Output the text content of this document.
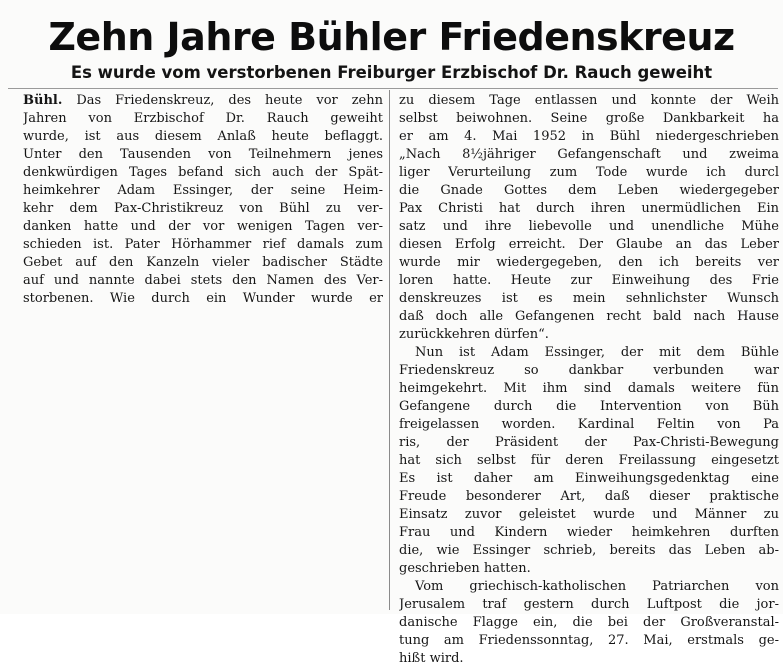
Zehn Jahre Bühler Friedenskreuz
Es wurde vom verstorbenen Freiburger Erzbischof Dr. Rauch geweiht
Bühl. Das Friedenskreuz, des heute vor zehn
Jahren von Erzbischof Dr. Rauch geweiht
wurde, ist aus diesem Anlaß heute beflaggt.
Unter den Tausenden von Teilnehmern jenes
denkwürdigen Tages befand sich auch der Spät-
heimkehrer Adam Essinger, der seine Heim-
kehr dem Pax-Christikreuz von Bühl zu ver-
danken hatte und der vor wenigen Tagen ver-
schieden ist. Pater Hörhammer rief damals zum
Gebet auf den Kanzeln vieler badischer Städte
auf und nannte dabei stets den Namen des Ver-
storbenen. Wie durch ein Wunder wurde er
zu diesem Tage entlassen und konnte der Weih
selbst beiwohnen. Seine große Dankbarkeit ha
er am 4. Mai 1952 in Bühl niedergeschrieben
„Nach 8½jähriger Gefangenschaft und zweima
liger Verurteilung zum Tode wurde ich durcl
die Gnade Gottes dem Leben wiedergegeber
Pax Christi hat durch ihren unermüdlichen Ein
satz und ihre liebevolle und unendliche Mühe
diesen Erfolg erreicht. Der Glaube an das Leber
wurde mir wiedergegeben, den ich bereits ver
loren hatte. Heute zur Einweihung des Frie
denskreuzes ist es mein sehnlichster Wunsch
daß doch alle Gefangenen recht bald nach Hause
zurückkehren dürfen“.
Nun ist Adam Essinger, der mit dem Bühle
Friedenskreuz so dankbar verbunden war
heimgekehrt. Mit ihm sind damals weitere fün
Gefangene durch die Intervention von Büh
freigelassen worden. Kardinal Feltin von Pa
ris, der Präsident der Pax-Christi-Bewegung
hat sich selbst für deren Freilassung eingesetzt
Es ist daher am Einweihungsgedenktag eine
Freude besonderer Art, daß dieser praktische
Einsatz zuvor geleistet wurde und Männer zu
Frau und Kindern wieder heimkehren durften
die, wie Essinger schrieb, bereits das Leben ab-
geschrieben hatten.
Vom griechisch-katholischen Patriarchen von
Jerusalem traf gestern durch Luftpost die jor-
danische Flagge ein, die bei der Großveranstal-
tung am Friedenssonntag, 27. Mai, erstmals ge-
hißt wird.
